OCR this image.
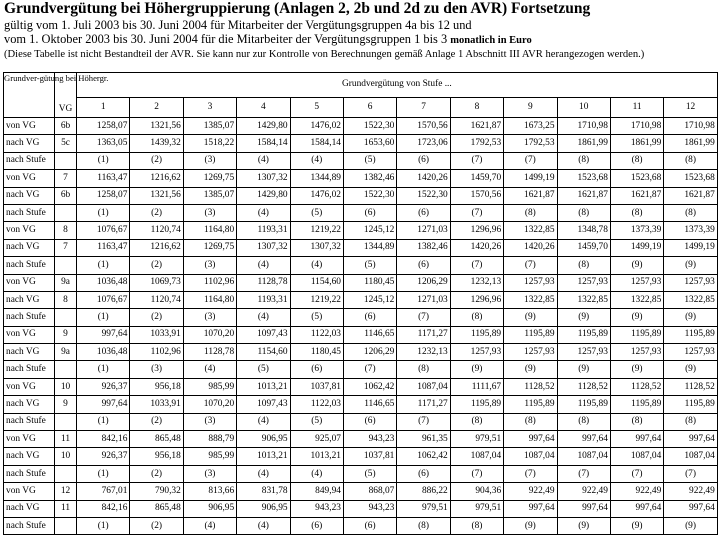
Grundvergütung bei Höhergruppierung (Anlagen 2, 2b und 2d zu den AVR) Fortsetzung
gültig vom 1. Juli 2003 bis 30. Juni 2004 für Mitarbeiter der Vergütungsgruppen 4a bis 12 und
vom 1. Oktober 2003 bis 30. Juni 2004 für die Mitarbeiter der Vergütungsgruppen 1 bis 3 monatlich in Euro
(Diese Tabelle ist nicht Bestandteil der AVR. Sie kann nur zur Kontrolle von Berechnungen gemäß Anlage 1 Abschnitt III AVR herangezogen werden.)
Grundver-gütung bei Höhergr.	VG	Grundvergütung von Stufe ...											
		1	2	3	4	5	6	7	8	9	10	11	12
von VG	6b	1258,07	1321,56	1385,07	1429,80	1476,02	1522,30	1570,56	1621,87	1673,25	1710,98	1710,98	1710,98
nach VG	5c	1363,05	1439,32	1518,22	1584,14	1584,14	1653,60	1723,06	1792,53	1792,53	1861,99	1861,99	1861,99
nach Stufe		(1)	(2)	(3)	(4)	(4)	(5)	(6)	(7)	(7)	(8)	(8)	(8)
von VG	7	1163,47	1216,62	1269,75	1307,32	1344,89	1382,46	1420,26	1459,70	1499,19	1523,68	1523,68	1523,68
nach VG	6b	1258,07	1321,56	1385,07	1429,80	1476,02	1522,30	1522,30	1570,56	1621,87	1621,87	1621,87	1621,87
nach Stufe		(1)	(2)	(3)	(4)	(5)	(6)	(6)	(7)	(8)	(8)	(8)	(8)
von VG	8	1076,67	1120,74	1164,80	1193,31	1219,22	1245,12	1271,03	1296,96	1322,85	1348,78	1373,39	1373,39
nach VG	7	1163,47	1216,62	1269,75	1307,32	1307,32	1344,89	1382,46	1420,26	1420,26	1459,70	1499,19	1499,19
nach Stufe		(1)	(2)	(3)	(4)	(4)	(5)	(6)	(7)	(7)	(8)	(9)	(9)
von VG	9a	1036,48	1069,73	1102,96	1128,78	1154,60	1180,45	1206,29	1232,13	1257,93	1257,93	1257,93	1257,93
nach VG	8	1076,67	1120,74	1164,80	1193,31	1219,22	1245,12	1271,03	1296,96	1322,85	1322,85	1322,85	1322,85
nach Stufe		(1)	(2)	(3)	(4)	(5)	(6)	(7)	(8)	(9)	(9)	(9)	(9)
von VG	9	997,64	1033,91	1070,20	1097,43	1122,03	1146,65	1171,27	1195,89	1195,89	1195,89	1195,89	1195,89
nach VG	9a	1036,48	1102,96	1128,78	1154,60	1180,45	1206,29	1232,13	1257,93	1257,93	1257,93	1257,93	1257,93
nach Stufe		(1)	(3)	(4)	(5)	(6)	(7)	(8)	(9)	(9)	(9)	(9)	(9)
von VG	10	926,37	956,18	985,99	1013,21	1037,81	1062,42	1087,04	1111,67	1128,52	1128,52	1128,52	1128,52
nach VG	9	997,64	1033,91	1070,20	1097,43	1122,03	1146,65	1171,27	1195,89	1195,89	1195,89	1195,89	1195,89
nach Stufe		(1)	(2)	(3)	(4)	(5)	(6)	(7)	(8)	(8)	(8)	(8)	(8)
von VG	11	842,16	865,48	888,79	906,95	925,07	943,23	961,35	979,51	997,64	997,64	997,64	997,64
nach VG	10	926,37	956,18	985,99	1013,21	1013,21	1037,81	1062,42	1087,04	1087,04	1087,04	1087,04	1087,04
nach Stufe		(1)	(2)	(3)	(4)	(4)	(5)	(6)	(7)	(7)	(7)	(7)	(7)
von VG	12	767,01	790,32	813,66	831,78	849,94	868,07	886,22	904,36	922,49	922,49	922,49	922,49
nach VG	11	842,16	865,48	906,95	906,95	943,23	943,23	979,51	979,51	997,64	997,64	997,64	997,64
nach Stufe		(1)	(2)	(4)	(4)	(6)	(6)	(8)	(8)	(9)	(9)	(9)	(9)
